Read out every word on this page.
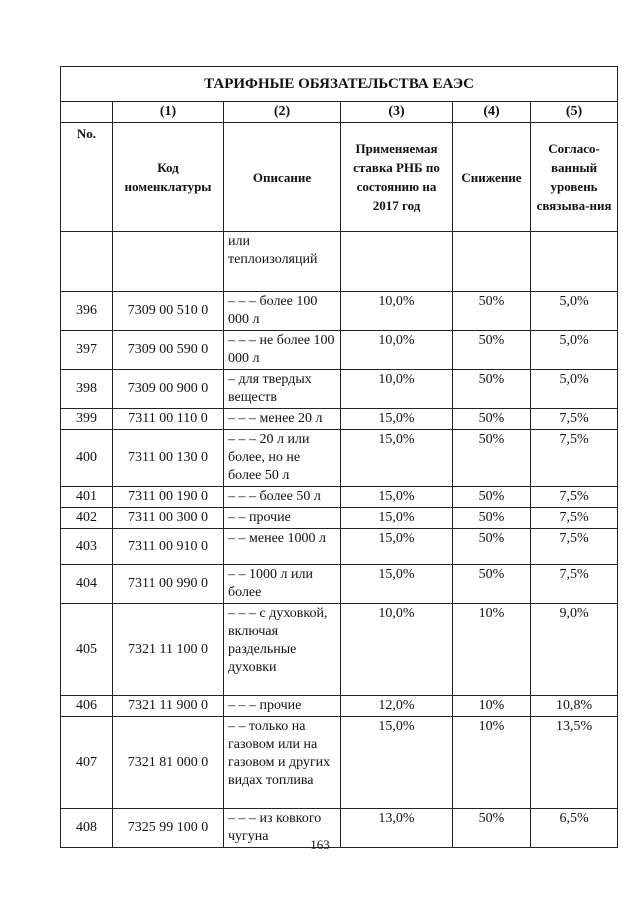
ТАРИФНЫЕ ОБЯЗАТЕЛЬСТВА ЕАЭС					
	(1)	(2)	(3)	(4)	(5)
No.	Код номенклатуры	Описание	Применяемая ставка РНБ по состоянию на 2017 год	Снижение	Согласо-ванный уровень связыва-ния
		или теплоизоляций			
396	7309 00 510 0	– – – более 100 000 л	10,0%	50%	5,0%
397	7309 00 590 0	– – – не более 100 000 л	10,0%	50%	5,0%
398	7309 00 900 0	– для твердых веществ	10,0%	50%	5,0%
399	7311 00 110 0	– – – менее 20 л	15,0%	50%	7,5%
400	7311 00 130 0	– – – 20 л или более, но не более 50 л	15,0%	50%	7,5%
401	7311 00 190 0	– – – более 50 л	15,0%	50%	7,5%
402	7311 00 300 0	– – прочие	15,0%	50%	7,5%
403	7311 00 910 0	– – менее 1000 л	15,0%	50%	7,5%
404	7311 00 990 0	– – 1000 л или более	15,0%	50%	7,5%
405	7321 11 100 0	– – – с духовкой, включая раздельные духовки	10,0%	10%	9,0%
406	7321 11 900 0	– – – прочие	12,0%	10%	10,8%
407	7321 81 000 0	– – только на газовом или на газовом и других видах топлива	15,0%	10%	13,5%
408	7325 99 100 0	– – – из ковкого чугуна	13,0%	50%	6,5%
163
